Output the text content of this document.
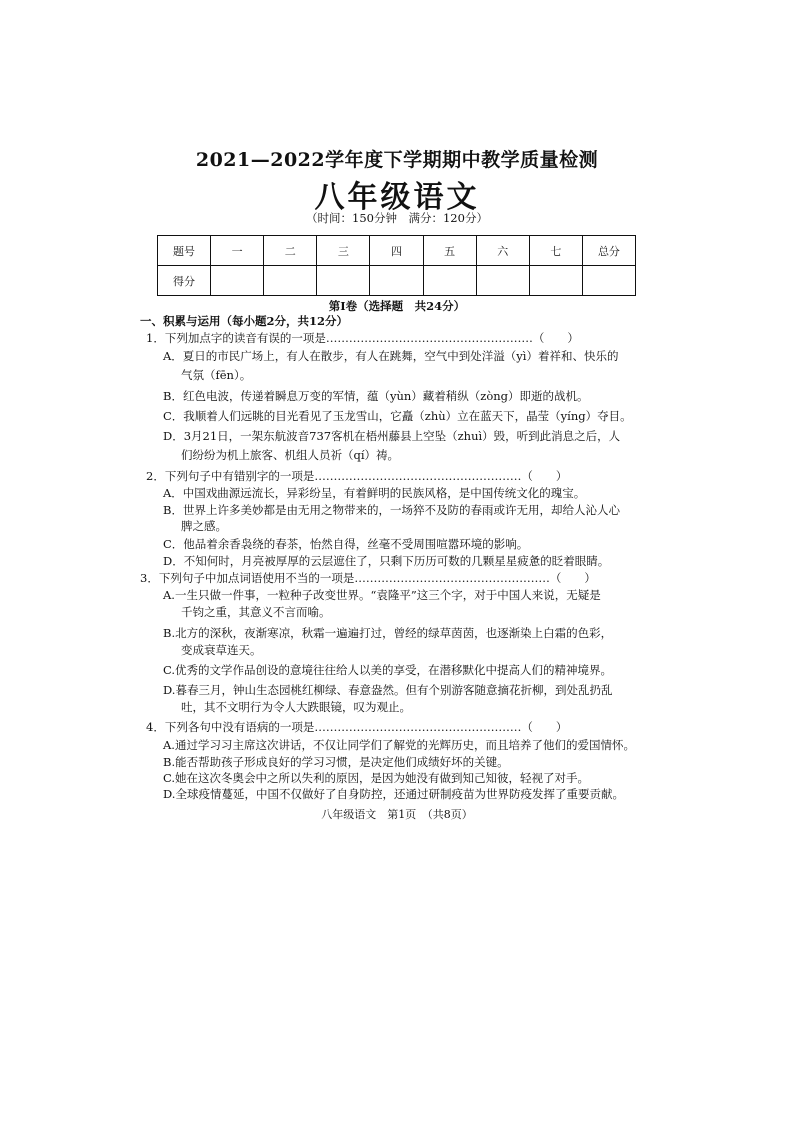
2021—2022学年度下学期期中教学质量检测
八年级语文
（时间：150分钟　满分：120分）
题号	一	二	三	四	五	六	七	总分
得分								
第Ⅰ卷（选择题　共24分）
一、积累与运用（每小题2分，共12分）
1．下列加点字的读音有误的一项是………………………………………………（　　）
A．夏日的市民广场上，有人在散步，有人在跳舞，空气中到处洋溢（yì）着祥和、快乐的
气氛（fēn）。
B．红色电波，传递着瞬息万变的军情，蕴（yùn）藏着稍纵（zòng）即逝的战机。
C．我顺着人们远眺的目光看见了玉龙雪山，它矗（zhù）立在蓝天下，晶莹（yíng）夺目。
D．3月21日，一架东航波音737客机在梧州藤县上空坠（zhuì）毁，听到此消息之后，人
们纷纷为机上旅客、机组人员祈（qí）祷。
2．下列句子中有错别字的一项是………………………………………………（　　）
A．中国戏曲源远流长，异彩纷呈，有着鲜明的民族风格，是中国传统文化的瑰宝。
B．世界上许多美妙都是由无用之物带来的，一场猝不及防的春雨或许无用，却给人沁人心
脾之感。
C．他品着余香袅绕的春茶，怡然自得，丝毫不受周围喧嚣环境的影响。
D．不知何时，月亮被厚厚的云层遮住了，只剩下历历可数的几颗星星疲惫的眨着眼睛。
3．下列句子中加点词语使用不当的一项是……………………………………………（　　）
A.一生只做一件事，一粒种子改变世界。“袁隆平”这三个字，对于中国人来说，无疑是
千钧之重，其意义不言而喻。
B.北方的深秋，夜渐寒凉，秋霜一遍遍打过，曾经的绿草茵茵，也逐渐染上白霜的色彩，
变成衰草连天。
C.优秀的文学作品创设的意境往往给人以美的享受，在潜移默化中提高人们的精神境界。
D.暮春三月，钟山生态园桃红柳绿、春意盎然。但有个别游客随意摘花折柳，到处乱扔乱
吐，其不文明行为令人大跌眼镜，叹为观止。
4．下列各句中没有语病的一项是………………………………………………（　　）
A.通过学习习主席这次讲话，不仅让同学们了解党的光辉历史，而且培养了他们的爱国情怀。
B.能否帮助孩子形成良好的学习习惯，是决定他们成绩好坏的关键。
C.她在这次冬奥会中之所以失利的原因，是因为她没有做到知己知彼，轻视了对手。
D.全球疫情蔓延，中国不仅做好了自身防控，还通过研制疫苗为世界防疫发挥了重要贡献。
八年级语文　第1页　（共8页）
